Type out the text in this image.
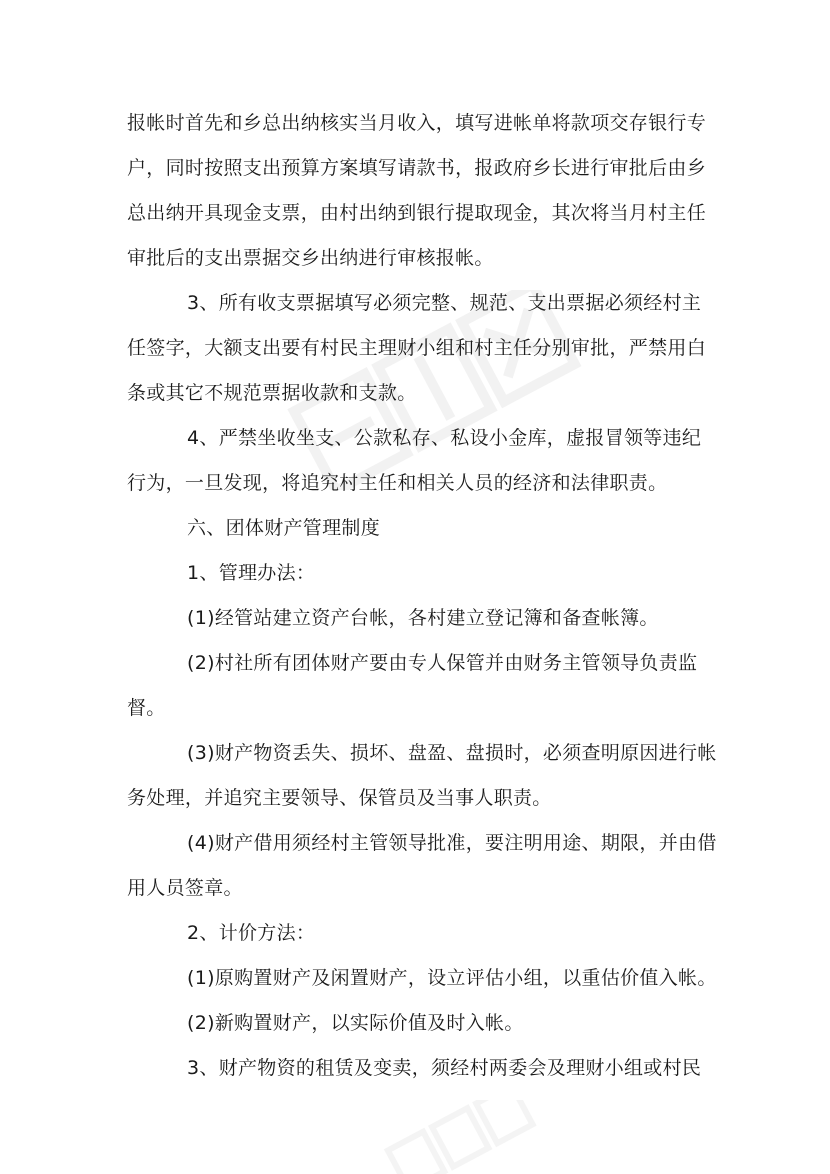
报帐时首先和乡总出纳核实当月收入，填写进帐单将款项交存银行专
户，同时按照支出预算方案填写请款书，报政府乡长进行审批后由乡
总出纳开具现金支票，由村出纳到银行提取现金，其次将当月村主任
审批后的支出票据交乡出纳进行审核报帐。
3、所有收支票据填写必须完整、规范、支出票据必须经村主
任签字，大额支出要有村民主理财小组和村主任分别审批，严禁用白
条或其它不规范票据收款和支款。
4、严禁坐收坐支、公款私存、私设小金库，虚报冒领等违纪
行为，一旦发现，将追究村主任和相关人员的经济和法律职责。
六、团体财产管理制度
1、管理办法：
(1)经管站建立资产台帐，各村建立登记簿和备查帐簿。
(2)村社所有团体财产要由专人保管并由财务主管领导负责监
督。
(3)财产物资丢失、损坏、盘盈、盘损时，必须查明原因进行帐
务处理，并追究主要领导、保管员及当事人职责。
(4)财产借用须经村主管领导批准，要注明用途、期限，并由借
用人员签章。
2、计价方法：
(1)原购置财产及闲置财产，设立评估小组，以重估价值入帐。
(2)新购置财产，以实际价值及时入帐。
3、财产物资的租赁及变卖，须经村两委会及理财小组或村民
